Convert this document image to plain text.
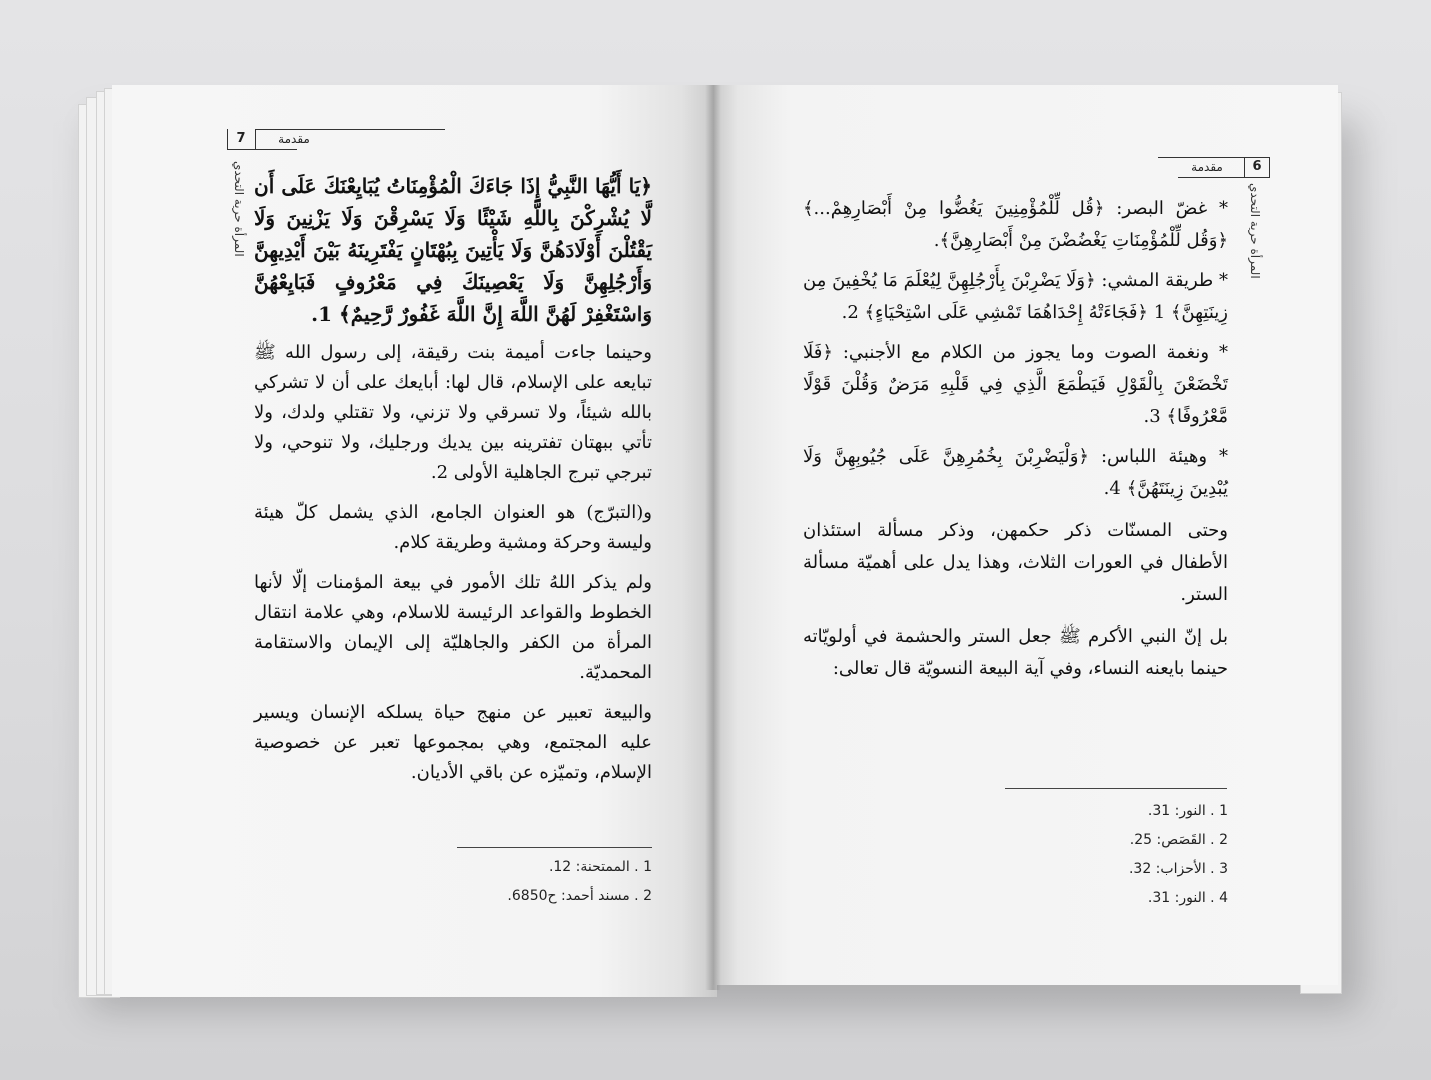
7	مقدمة
المرأة حرية التحدي ﴿يَا أَيُّهَا النَّبِيُّ إِذَا جَاءَكَ الْمُؤْمِنَاتُ يُبَايِعْنَكَ عَلَى أَن لَّا يُشْرِكْنَ بِاللَّهِ شَيْئًا وَلَا يَسْرِقْنَ وَلَا يَزْنِينَ وَلَا يَقْتُلْنَ أَوْلَادَهُنَّ وَلَا يَأْتِينَ بِبُهْتَانٍ يَفْتَرِينَهُ بَيْنَ أَيْدِيهِنَّ وَأَرْجُلِهِنَّ وَلَا يَعْصِينَكَ فِي مَعْرُوفٍ فَبَايِعْهُنَّ وَاسْتَغْفِرْ لَهُنَّ اللَّهَ إِنَّ اللَّهَ غَفُورٌ رَّحِيمٌ﴾ 1.

وحينما جاءت أميمة بنت رقيقة، إلى رسول الله ﷺ تبايعه على الإسلام، قال لها: أبايعك على أن لا تشركي بالله شيئاً، ولا تسرقي ولا تزني، ولا تقتلي ولدك، ولا تأتي ببهتان تفترينه بين يديك ورجليك، ولا تنوحي، ولا تبرجي تبرج الجاهلية الأولى 2.

و(التبرّج) هو العنوان الجامع، الذي يشمل كلّ هيئة وليسة وحركة ومشية وطريقة كلام.

ولم يذكر اللهُ تلك الأمور في بيعة المؤمنات إلّا لأنها الخطوط والقواعد الرئيسة للاسلام، وهي علامة انتقال المرأة من الكفر والجاهليّة إلى الإيمان والاستقامة المحمديّة.

والبيعة تعبير عن منهج حياة يسلكه الإنسان ويسير عليه المجتمع، وهي بمجموعها تعبر عن خصوصية الإسلام، وتميّزه عن باقي الأديان.

1 . الممتحنة: 12.
2 . مسند أحمد: ح6850.
مقدمة	6
المرأة حرية التحدي

* غضّ البصر: ﴿قُل لِّلْمُؤْمِنِينَ يَغُضُّوا مِنْ أَبْصَارِهِمْ...﴾ ﴿وَقُل لِّلْمُؤْمِنَاتِ يَغْضُضْنَ مِنْ أَبْصَارِهِنَّ﴾.

* طريقة المشي: ﴿وَلَا يَضْرِبْنَ بِأَرْجُلِهِنَّ لِيُعْلَمَ مَا يُخْفِينَ مِن زِينَتِهِنَّ﴾ 1 ﴿فَجَاءَتْهُ إِحْدَاهُمَا تَمْشِي عَلَى اسْتِحْيَاءٍ﴾ 2.

* ونغمة الصوت وما يجوز من الكلام مع الأجنبي: ﴿فَلَا تَخْضَعْنَ بِالْقَوْلِ فَيَطْمَعَ الَّذِي فِي قَلْبِهِ مَرَضٌ وَقُلْنَ قَوْلًا مَّعْرُوفًا﴾ 3.

* وهيئة اللباس: ﴿وَلْيَضْرِبْنَ بِخُمُرِهِنَّ عَلَى جُيُوبِهِنَّ وَلَا يُبْدِينَ زِينَتَهُنَّ﴾ 4.

وحتى المسنّات ذكر حكمهن، وذكر مسألة استئذان الأطفال في العورات الثلاث، وهذا يدل على أهميّة مسألة الستر.

بل إنّ النبي الأكرم ﷺ جعل الستر والحشمة في أولويّاته حينما بايعنه النساء، وفي آية البيعة النسويّة قال تعالى:

1 . النور: 31.
2 . القَصَص: 25.
3 . الأحزاب: 32.
4 . النور: 31.
